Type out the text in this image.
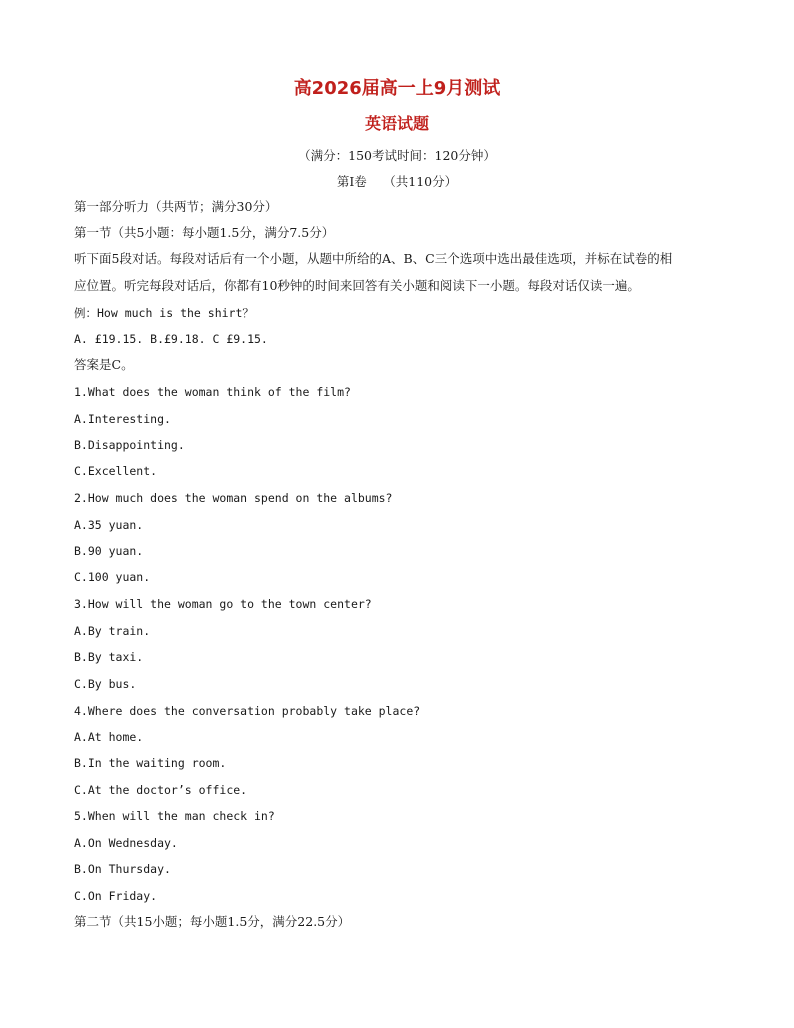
高2026届高一上9月测试
英语试题
（满分：150考试时间：120分钟）
第I卷　 （共110分）
第一部分听力（共两节；满分30分）
第一节（共5小题：每小题1.5分，满分7.5分）
听下面5段对话。每段对话后有一个小题，从题中所给的A、B、C三个选项中选出最佳选项，并标在试卷的相
应位置。听完每段对话后，你都有10秒钟的时间来回答有关小题和阅读下一小题。每段对话仅读一遍。
例：How much is the shirt？
A. £19.15. B.£9.18. C £9.15.
答案是C。
1.What does the woman think of the film?
A.Interesting.
B.Disappointing.
C.Excellent.
2.How much does the woman spend on the albums?
A.35 yuan.
B.90 yuan.
C.100 yuan.
3.How will the woman go to the town center?
A.By train.
B.By taxi.
C.By bus.
4.Where does the conversation probably take place?
A.At home.
B.In the waiting room.
C.At the doctor’s office.
5.When will the man check in?
A.On Wednesday.
B.On Thursday.
C.On Friday.
第二节（共15小题；每小题1.5分，满分22.5分）
